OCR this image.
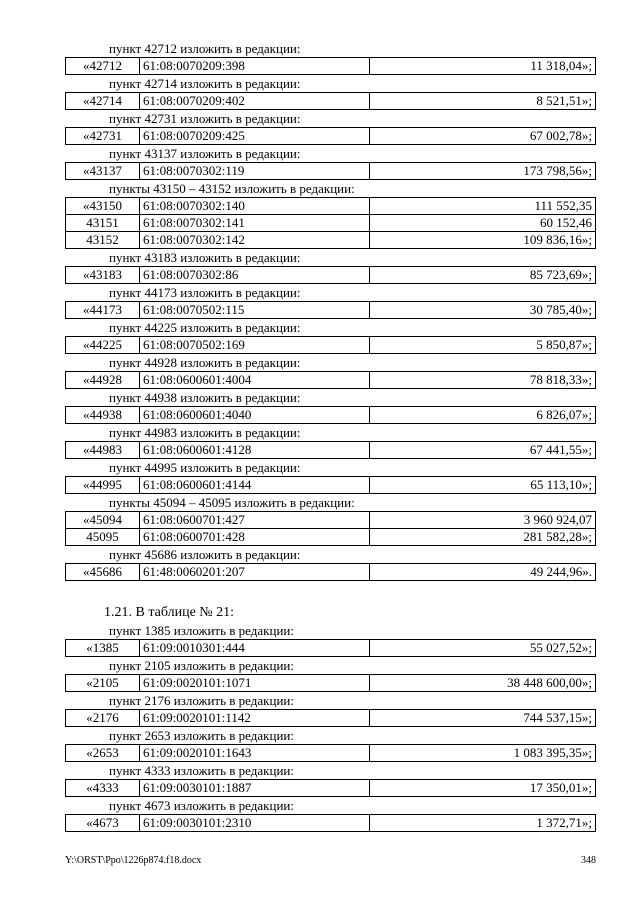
пункт 42712 изложить в редакции:
«42712	61:08:0070209:398	11 318,04»;
пункт 42714 изложить в редакции:
«42714	61:08:0070209:402	8 521,51»;
пункт 42731 изложить в редакции:
«42731	61:08:0070209:425	67 002,78»;
пункт 43137 изложить в редакции:
«43137	61:08:0070302:119	173 798,56»;
пункты 43150 – 43152 изложить в редакции:
«43150	61:08:0070302:140	111 552,35
43151	61:08:0070302:141	60 152,46
43152	61:08:0070302:142	109 836,16»;
пункт 43183 изложить в редакции:
«43183	61:08:0070302:86	85 723,69»;
пункт 44173 изложить в редакции:
«44173	61:08:0070502:115	30 785,40»;
пункт 44225 изложить в редакции:
«44225	61:08:0070502:169	5 850,87»;
пункт 44928 изложить в редакции:
«44928	61:08:0600601:4004	78 818,33»;
пункт 44938 изложить в редакции:
«44938	61:08:0600601:4040	6 826,07»;
пункт 44983 изложить в редакции:
«44983	61:08:0600601:4128	67 441,55»;
пункт 44995 изложить в редакции:
«44995	61:08:0600601:4144	65 113,10»;
пункты 45094 – 45095 изложить в редакции:
«45094	61:08:0600701:427	3 960 924,07
45095	61:08:0600701:428	281 582,28»;
пункт 45686 изложить в редакции:
«45686	61:48:0060201:207	49 244,96».
1.21. В таблице № 21:
пункт 1385 изложить в редакции:
«1385	61:09:0010301:444	55 027,52»;
пункт 2105 изложить в редакции:
«2105	61:09:0020101:1071	38 448 600,00»;
пункт 2176 изложить в редакции:
«2176	61:09:0020101:1142	744 537,15»;
пункт 2653 изложить в редакции:
«2653	61:09:0020101:1643	1 083 395,35»;
пункт 4333 изложить в редакции:
«4333	61:09:0030101:1887	17 350,01»;
пункт 4673 изложить в редакции:
«4673	61:09:0030101:2310	1 372,71»;
Y:\ORST\Ppo\1226p874.f18.docx	348
